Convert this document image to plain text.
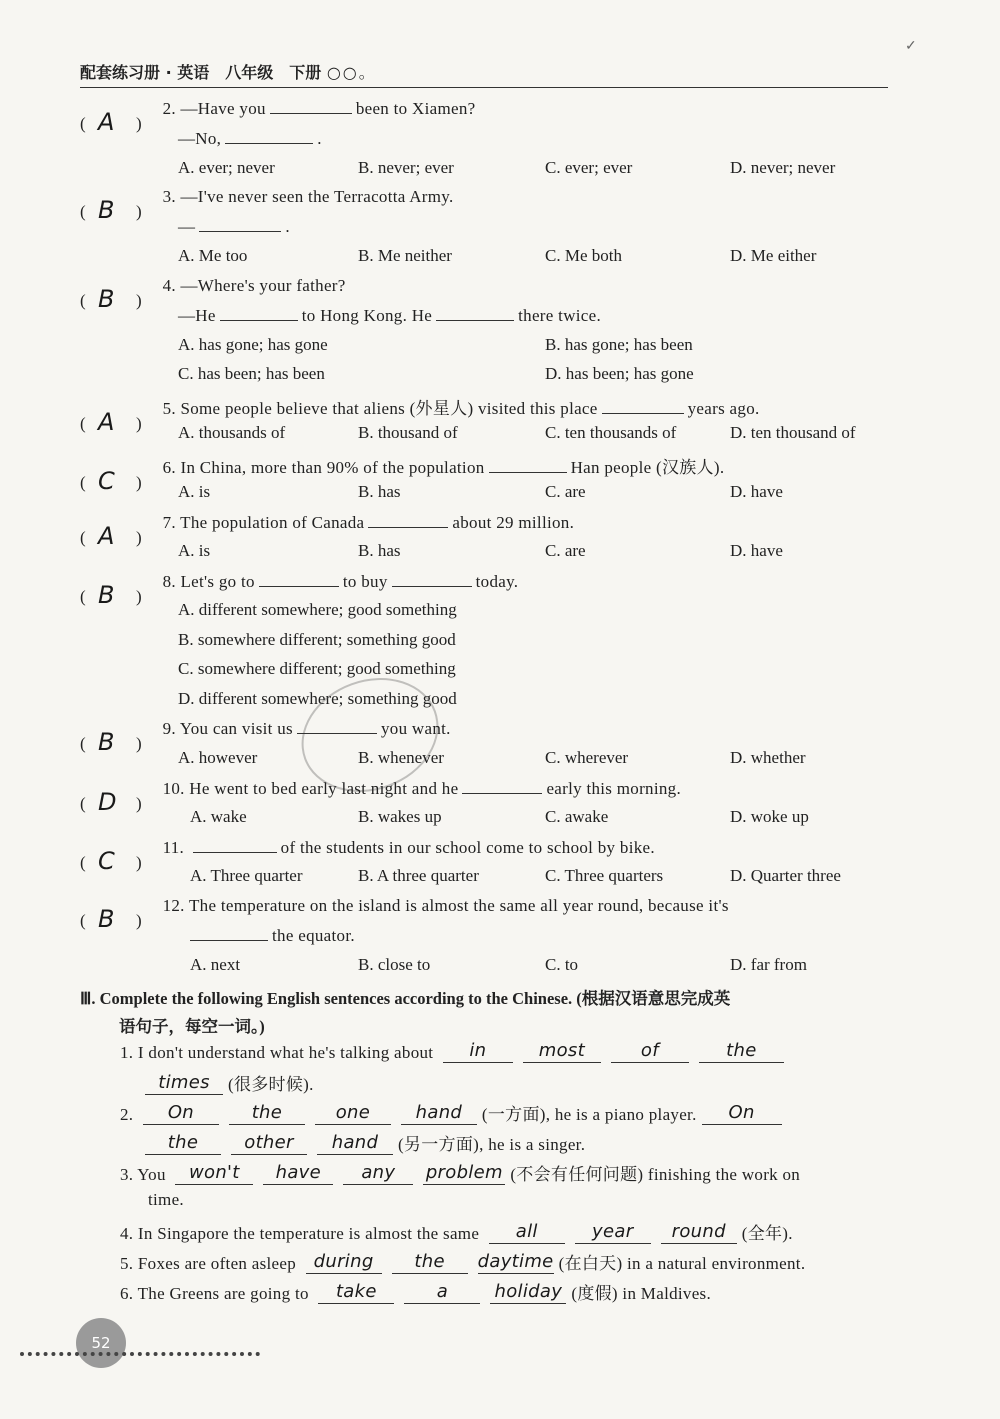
配套练习册 · 英语　八年级　下册 ○○。
✓
( A )
2. —Have you	been to Xiamen?
—No,	.
A. ever; never	B. never; ever	C. ever; ever	D. never; never
( B )
3. —I've never seen the Terracotta Army.
—	.
A. Me too	B. Me neither	C. Me both	D. Me either
( B )
4. —Where's your father?
—He	to Hong Kong. He	there twice.
A. has gone; has gone	B. has gone; has been
C. has been; has been	D. has been; has gone
( A )
5. Some people believe that aliens (外星人) visited this place	years ago.
A. thousands of	B. thousand of	C. ten thousands of	D. ten thousand of
( C )
6. In China, more than 90% of the population	Han people (汉族人).
A. is	B. has	C. are	D. have
( A )
7. The population of Canada	about 29 million.
A. is	B. has	C. are	D. have
( B )
8. Let's go to	to buy	today.
A. different somewhere; good something
B. somewhere different; something good
C. somewhere different; good something
D. different somewhere; something good
( B )
9. You can visit us	you want.
A. however	B. whenever	C. wherever	D. whether
( D )
10. He went to bed early last night and he	early this morning.
A. wake	B. wakes up	C. awake	D. woke up
( C )
11.	of the students in our school come to school by bike.
A. Three quarter	B. A three quarter	C. Three quarters	D. Quarter three
( B )
12. The temperature on the island is almost the same all year round, because it's
the equator.
A. next	B. close to	C. to	D. far from
Ⅲ. Complete the following English sentences according to the Chinese. (根据汉语意思完成英
语句子，每空一词。)
1. I don't understand what he's talking about in	most	of	the
times (很多时候).
2. On	the	one	hand (一方面), he is a piano player. On
the	other hand (另一方面), he is a singer.
3. You won't have any problem (不会有任何问题) finishing the work on
time.
4. In Singapore the temperature is almost the same all	year round (全年).
5. Foxes are often asleep during the daytime (在白天) in a natural environment.
6. The Greens are going to take	a	holiday (度假) in Maldives.
52
